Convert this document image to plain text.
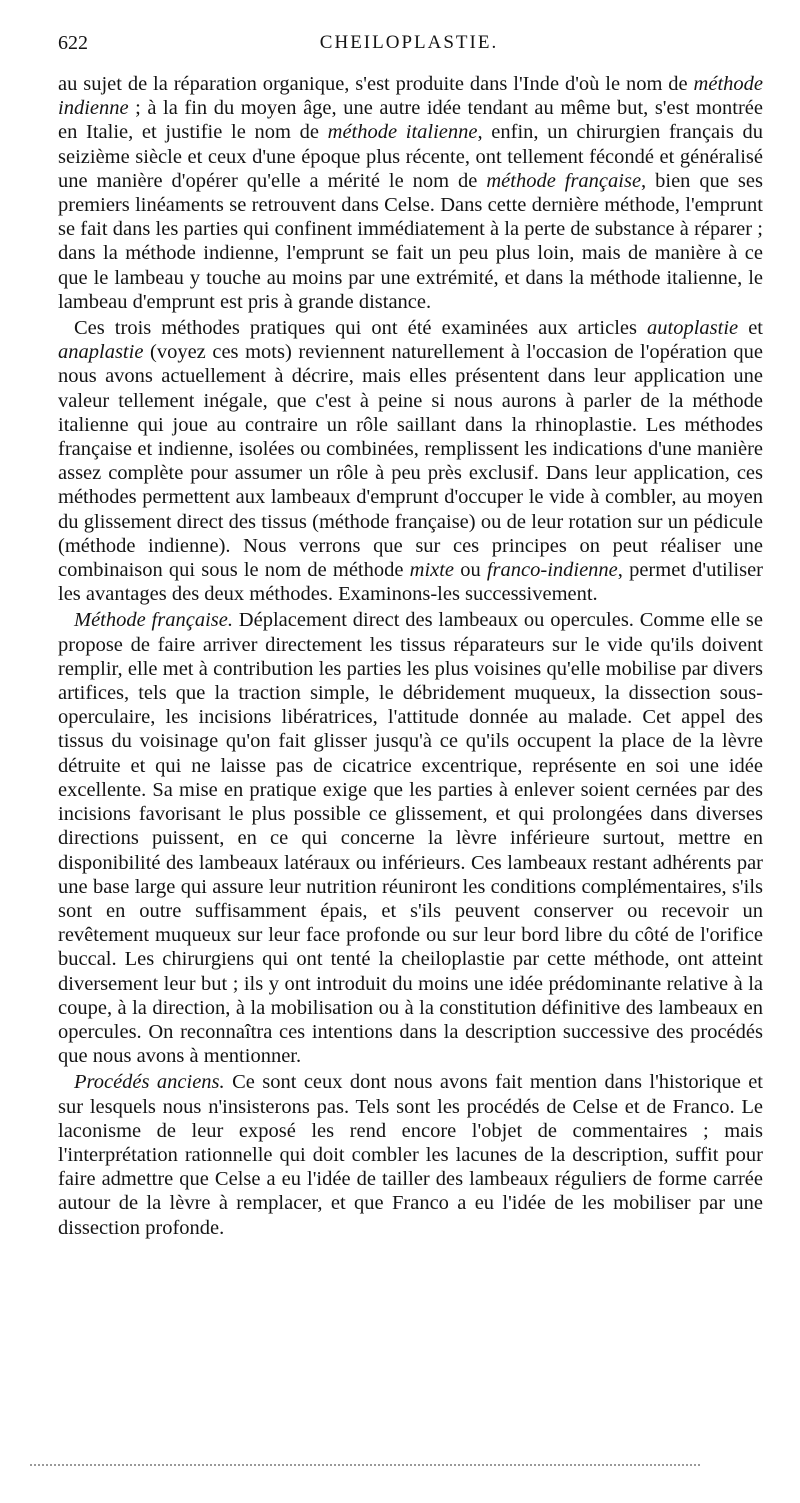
622	CHEILOPLASTIE.

au sujet de la réparation organique, s'est produite dans l'Inde d'où le nom de méthode indienne ; à la fin du moyen âge, une autre idée tendant au même but, s'est montrée en Italie, et justifie le nom de méthode italienne, enfin, un chirurgien français du seizième siècle et ceux d'une époque plus récente, ont tellement fécondé et généralisé une manière d'opérer qu'elle a mérité le nom de méthode française, bien que ses premiers linéaments se retrouvent dans Celse. Dans cette dernière méthode, l'emprunt se fait dans les parties qui confinent immédiatement à la perte de substance à réparer ; dans la méthode indienne, l'emprunt se fait un peu plus loin, mais de manière à ce que le lambeau y touche au moins par une extrémité, et dans la méthode italienne, le lambeau d'emprunt est pris à grande distance.

Ces trois méthodes pratiques qui ont été examinées aux articles autoplastie et anaplastie (voyez ces mots) reviennent naturellement à l'occasion de l'opération que nous avons actuellement à décrire, mais elles présentent dans leur application une valeur tellement inégale, que c'est à peine si nous aurons à parler de la méthode italienne qui joue au contraire un rôle saillant dans la rhinoplastie. Les méthodes française et indienne, isolées ou combinées, remplissent les indications d'une manière assez complète pour assumer un rôle à peu près exclusif. Dans leur application, ces méthodes permettent aux lambeaux d'emprunt d'occuper le vide à combler, au moyen du glissement direct des tissus (méthode française) ou de leur rotation sur un pédicule (méthode indienne). Nous verrons que sur ces principes on peut réaliser une combinaison qui sous le nom de méthode mixte ou franco-indienne, permet d'utiliser les avantages des deux méthodes. Examinons-les successivement.

Méthode française. Déplacement direct des lambeaux ou opercules. Comme elle se propose de faire arriver directement les tissus réparateurs sur le vide qu'ils doivent remplir, elle met à contribution les parties les plus voisines qu'elle mobilise par divers artifices, tels que la traction simple, le débridement muqueux, la dissection sous-operculaire, les incisions libératrices, l'attitude donnée au malade. Cet appel des tissus du voisinage qu'on fait glisser jusqu'à ce qu'ils occupent la place de la lèvre détruite et qui ne laisse pas de cicatrice excentrique, représente en soi une idée excellente. Sa mise en pratique exige que les parties à enlever soient cernées par des incisions favorisant le plus possible ce glissement, et qui prolongées dans diverses directions puissent, en ce qui concerne la lèvre inférieure surtout, mettre en disponibilité des lambeaux latéraux ou inférieurs. Ces lambeaux restant adhérents par une base large qui assure leur nutrition réuniront les conditions complémentaires, s'ils sont en outre suffisamment épais, et s'ils peuvent conserver ou recevoir un revêtement muqueux sur leur face profonde ou sur leur bord libre du côté de l'orifice buccal. Les chirurgiens qui ont tenté la cheiloplastie par cette méthode, ont atteint diversement leur but ; ils y ont introduit du moins une idée prédominante relative à la coupe, à la direction, à la mobilisation ou à la constitution définitive des lambeaux en opercules. On reconnaîtra ces intentions dans la description successive des procédés que nous avons à mentionner.

Procédés anciens. Ce sont ceux dont nous avons fait mention dans l'historique et sur lesquels nous n'insisterons pas. Tels sont les procédés de Celse et de Franco. Le laconisme de leur exposé les rend encore l'objet de commentaires ; mais l'interprétation rationnelle qui doit combler les lacunes de la description, suffit pour faire admettre que Celse a eu l'idée de tailler des lambeaux réguliers de forme carrée autour de la lèvre à remplacer, et que Franco a eu l'idée de les mobiliser par une dissection profonde.
